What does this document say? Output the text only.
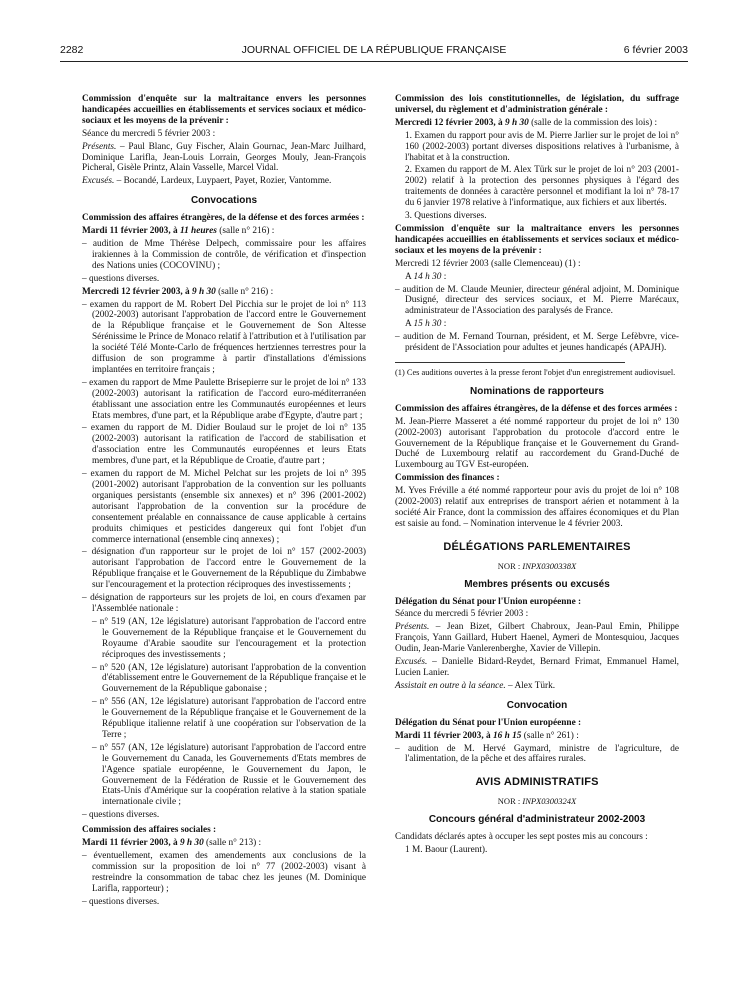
2282	JOURNAL OFFICIEL DE LA RÉPUBLIQUE FRANÇAISE	6 février 2003

Commission d'enquête sur la maltraitance envers les personnes handicapées accueillies en établissements et services sociaux et médico-sociaux et les moyens de la prévenir :

Séance du mercredi 5 février 2003 :

Présents. – Paul Blanc, Guy Fischer, Alain Gournac, Jean-Marc Juilhard, Dominique Larifla, Jean-Louis Lorrain, Georges Mouly, Jean-François Picheral, Gisèle Printz, Alain Vasselle, Marcel Vidal.

Excusés. – Bocandé, Lardeux, Luypaert, Payet, Rozier, Vantomme.

Convocations

Commission des affaires étrangères, de la défense et des forces armées :

Mardi 11 février 2003, à 11 heures (salle n° 216) :

– audition de Mme Thérèse Delpech, commissaire pour les affaires irakiennes à la Commission de contrôle, de vérification et d'inspection des Nations unies (COCOVINU) ;

– questions diverses.

Mercredi 12 février 2003, à 9 h 30 (salle n° 216) :

– examen du rapport de M. Robert Del Picchia sur le projet de loi n° 113 (2002-2003) autorisant l'approbation de l'accord entre le Gouvernement de la République française et le Gouvernement de Son Altesse Sérénissime le Prince de Monaco relatif à l'attribution et à l'utilisation par la société Télé Monte-Carlo de fréquences hertziennes terrestres pour la diffusion de son programme à partir d'installations d'émissions implantées en territoire français ;

– examen du rapport de Mme Paulette Brisepierre sur le projet de loi n° 133 (2002-2003) autorisant la ratification de l'accord euro-méditerranéen établissant une association entre les Communautés européennes et leurs Etats membres, d'une part, et la République arabe d'Egypte, d'autre part ;

– examen du rapport de M. Didier Boulaud sur le projet de loi n° 135 (2002-2003) autorisant la ratification de l'accord de stabilisation et d'association entre les Communautés européennes et leurs Etats membres, d'une part, et la République de Croatie, d'autre part ;

– examen du rapport de M. Michel Pelchat sur les projets de loi n° 395 (2001-2002) autorisant l'approbation de la convention sur les polluants organiques persistants (ensemble six annexes) et n° 396 (2001-2002) autorisant l'approbation de la convention sur la procédure de consentement préalable en connaissance de cause applicable à certains produits chimiques et pesticides dangereux qui font l'objet d'un commerce international (ensemble cinq annexes) ;

– désignation d'un rapporteur sur le projet de loi n° 157 (2002-2003) autorisant l'approbation de l'accord entre le Gouvernement de la République française et le Gouvernement de la République du Zimbabwe sur l'encouragement et la protection réciproques des investissements ;

– désignation de rapporteurs sur les projets de loi, en cours d'examen par l'Assemblée nationale :

– n° 519 (AN, 12e législature) autorisant l'approbation de l'accord entre le Gouvernement de la République française et le Gouvernement du Royaume d'Arabie saoudite sur l'encouragement et la protection réciproques des investissements ;

– n° 520 (AN, 12e législature) autorisant l'approbation de la convention d'établissement entre le Gouvernement de la République française et le Gouvernement de la République gabonaise ;

– n° 556 (AN, 12e législature) autorisant l'approbation de l'accord entre le Gouvernement de la République française et le Gouvernement de la République italienne relatif à une coopération sur l'observation de la Terre ;

– n° 557 (AN, 12e législature) autorisant l'approbation de l'accord entre le Gouvernement du Canada, les Gouvernements d'Etats membres de l'Agence spatiale européenne, le Gouvernement du Japon, le Gouvernement de la Fédération de Russie et le Gouvernement des Etats-Unis d'Amérique sur la coopération relative à la station spatiale internationale civile ;

– questions diverses.

Commission des affaires sociales :

Mardi 11 février 2003, à 9 h 30 (salle n° 213) :

– éventuellement, examen des amendements aux conclusions de la commission sur la proposition de loi n° 77 (2002-2003) visant à restreindre la consommation de tabac chez les jeunes (M. Dominique Larifla, rapporteur) ;

– questions diverses.

Commission des lois constitutionnelles, de législation, du suffrage universel, du règlement et d'administration générale :

Mercredi 12 février 2003, à 9 h 30 (salle de la commission des lois) :

1. Examen du rapport pour avis de M. Pierre Jarlier sur le projet de loi n° 160 (2002-2003) portant diverses dispositions relatives à l'urbanisme, à l'habitat et à la construction.

2. Examen du rapport de M. Alex Türk sur le projet de loi n° 203 (2001-2002) relatif à la protection des personnes physiques à l'égard des traitements de données à caractère personnel et modifiant la loi n° 78-17 du 6 janvier 1978 relative à l'informatique, aux fichiers et aux libertés.

3. Questions diverses.

Commission d'enquête sur la maltraitance envers les personnes handicapées accueillies en établissements et services sociaux et médico-sociaux et les moyens de la prévenir :

Mercredi 12 février 2003 (salle Clemenceau) (1) :

A 14 h 30 :

– audition de M. Claude Meunier, directeur général adjoint, M. Dominique Dusigné, directeur des services sociaux, et M. Pierre Marécaux, administrateur de l'Association des paralysés de France.

A 15 h 30 :

– audition de M. Fernand Tournan, président, et M. Serge Lefèbvre, vice-président de l'Association pour adultes et jeunes handicapés (APAJH).

(1) Ces auditions ouvertes à la presse feront l'objet d'un enregistrement audiovisuel.

Nominations de rapporteurs

Commission des affaires étrangères, de la défense et des forces armées :

M. Jean-Pierre Masseret a été nommé rapporteur du projet de loi n° 130 (2002-2003) autorisant l'approbation du protocole d'accord entre le Gouvernement de la République française et le Gouvernement du Grand-Duché de Luxembourg relatif au raccordement du Grand-Duché de Luxembourg au TGV Est-européen.

Commission des finances :

M. Yves Fréville a été nommé rapporteur pour avis du projet de loi n° 108 (2002-2003) relatif aux entreprises de transport aérien et notamment à la société Air France, dont la commission des affaires économiques et du Plan est saisie au fond. – Nomination intervenue le 4 février 2003.

DÉLÉGATIONS PARLEMENTAIRES
NOR : INPX0300338X
Membres présents ou excusés

Délégation du Sénat pour l'Union européenne :

Séance du mercredi 5 février 2003 :

Présents. – Jean Bizet, Gilbert Chabroux, Jean-Paul Emin, Philippe François, Yann Gaillard, Hubert Haenel, Aymeri de Montesquiou, Jacques Oudin, Jean-Marie Vanlerenberghe, Xavier de Villepin.

Excusés. – Danielle Bidard-Reydet, Bernard Frimat, Emmanuel Hamel, Lucien Lanier.

Assistait en outre à la séance. – Alex Türk.

Convocation

Délégation du Sénat pour l'Union européenne :

Mardi 11 février 2003, à 16 h 15 (salle n° 261) :

– audition de M. Hervé Gaymard, ministre de l'agriculture, de l'alimentation, de la pêche et des affaires rurales.

AVIS ADMINISTRATIFS
NOR : INPX0300324X
Concours général d'administrateur 2002-2003

Candidats déclarés aptes à occuper les sept postes mis au concours :

1 M. Baour (Laurent).
